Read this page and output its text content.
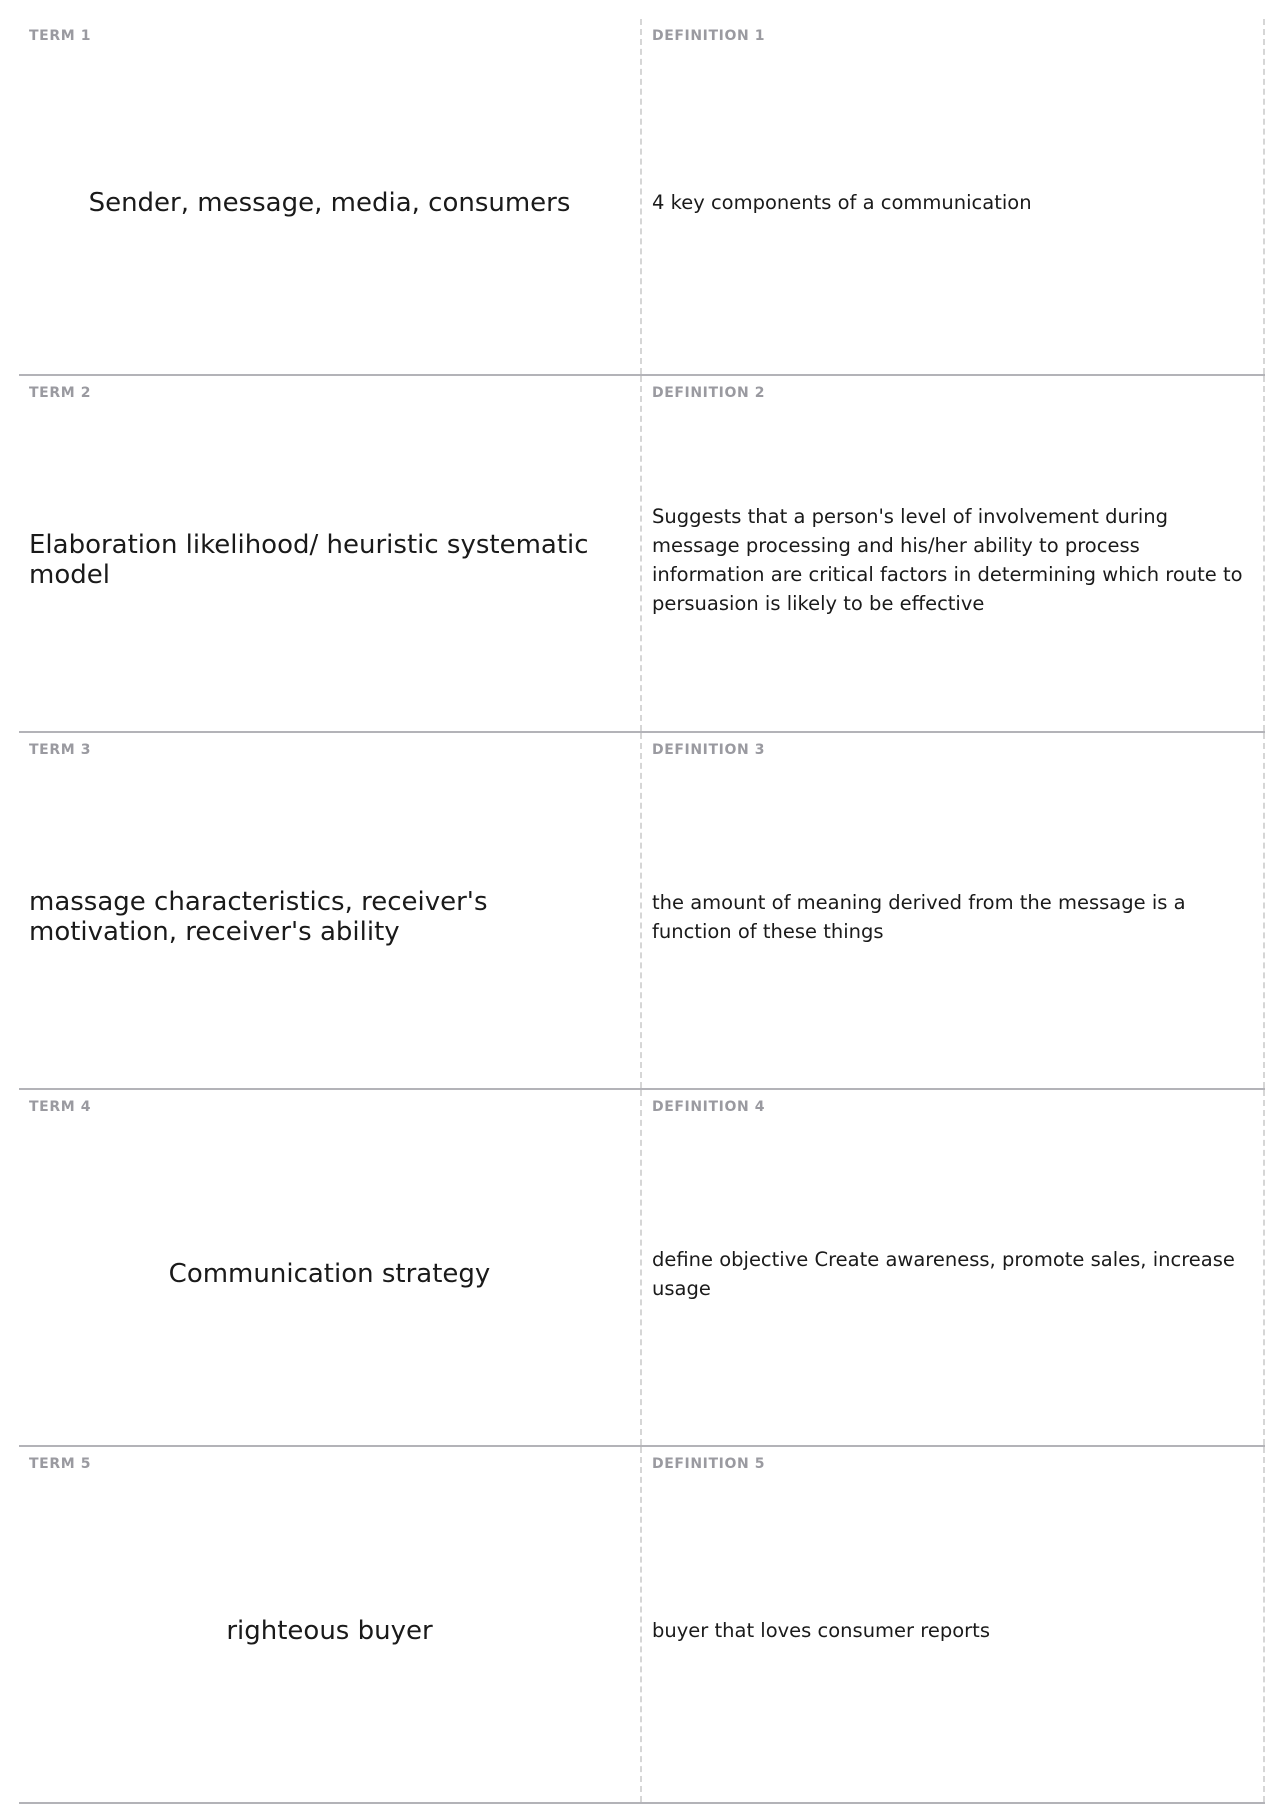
TERM 1
Sender, message, media, consumers
DEFINITION 1
4 key components of a communication
TERM 2
Elaboration likelihood/ heuristic systematic model
DEFINITION 2
Suggests that a person's level of involvement during message processing and his/her ability to process information are critical factors in determining which route to persuasion is likely to be effective
TERM 3
massage characteristics, receiver's motivation, receiver's ability
DEFINITION 3
the amount of meaning derived from the message is a function of these things
TERM 4
Communication strategy
DEFINITION 4
define objective Create awareness, promote sales, increase usage
TERM 5
righteous buyer
DEFINITION 5
buyer that loves consumer reports
